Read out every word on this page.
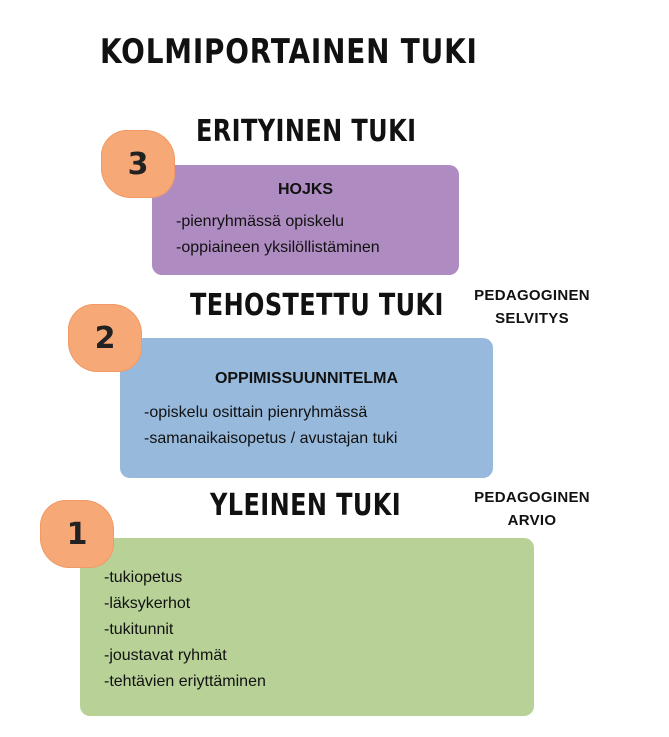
KOLMIPORTAINEN TUKI
ERITYINEN TUKI
HOJKS
-pienryhmässä opiskelu
-oppiaineen yksilöllistäminen
3
TEHOSTETTU TUKI	PEDAGOGINEN
SELVITYS
OPPIMISSUUNNITELMA
-opiskelu osittain pienryhmässä
-samanaikaisopetus / avustajan tuki
2
YLEINEN TUKI	PEDAGOGINEN
ARVIO
-tukiopetus
-läksykerhot
-tukitunnit
-joustavat ryhmät
-tehtävien eriyttäminen
1
